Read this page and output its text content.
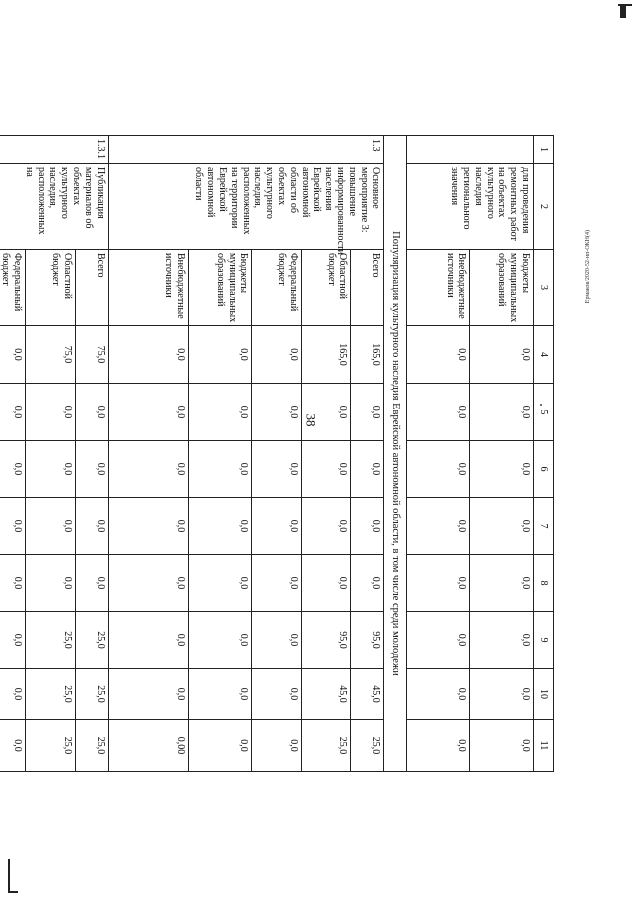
38
1	2	3	4	5	6	7	8	9	10	11
	для проведения ремонтных работ на объектах культурного наследия регионального значения	Бюджеты муниципальных образований	0,0	0,0	0,0	0,0	0,0	0,0	0,0	0,0
		Внебюджетные источники	0,0	0,0	0,0	0,0	0,0	0,0	0,0	0,0
Популяризация культурного наследия Еврейской автономной области, в том числе среди молодежи										
1.3	Основное мероприятие 3: повышение информированности населения Еврейской автономной области об объектах культурного наследия, расположенных на территории Еврейской автономной области	Всего	165,0	0,0	0,0	0,0	0,0	95,0	45,0	25,0
		Областной бюджет	165,0	0,0	0,0	0,0	0,0	95,0	45,0	25,0
		Федеральный бюджет	0,0	0,0	0,0	0,0	0,0	0,0	0,0	0,0
		Бюджеты муниципальных образований	0,0	0,0	0,0	0,0	0,0	0,0	0,0	0,0
		Внебюджетные источники	0,0	0,0	0,0	0,0	0,0	0,0	0,0	0,00
1.3.1	Публикация материалов об объектах культурного наследия, расположенных на	Всего	75,0	0,0	0,0	0,0	0,0	25,0	25,0	25,0
		Областной бюджет	75,0	0,0	0,0	0,0	0,0	25,0	25,0	25,0
		Федеральный бюджет	0,0	0,0	0,0	0,0	0,0	0,0	0,0	0,0
Ермаков/2020-52-нп-ОКН(4)
